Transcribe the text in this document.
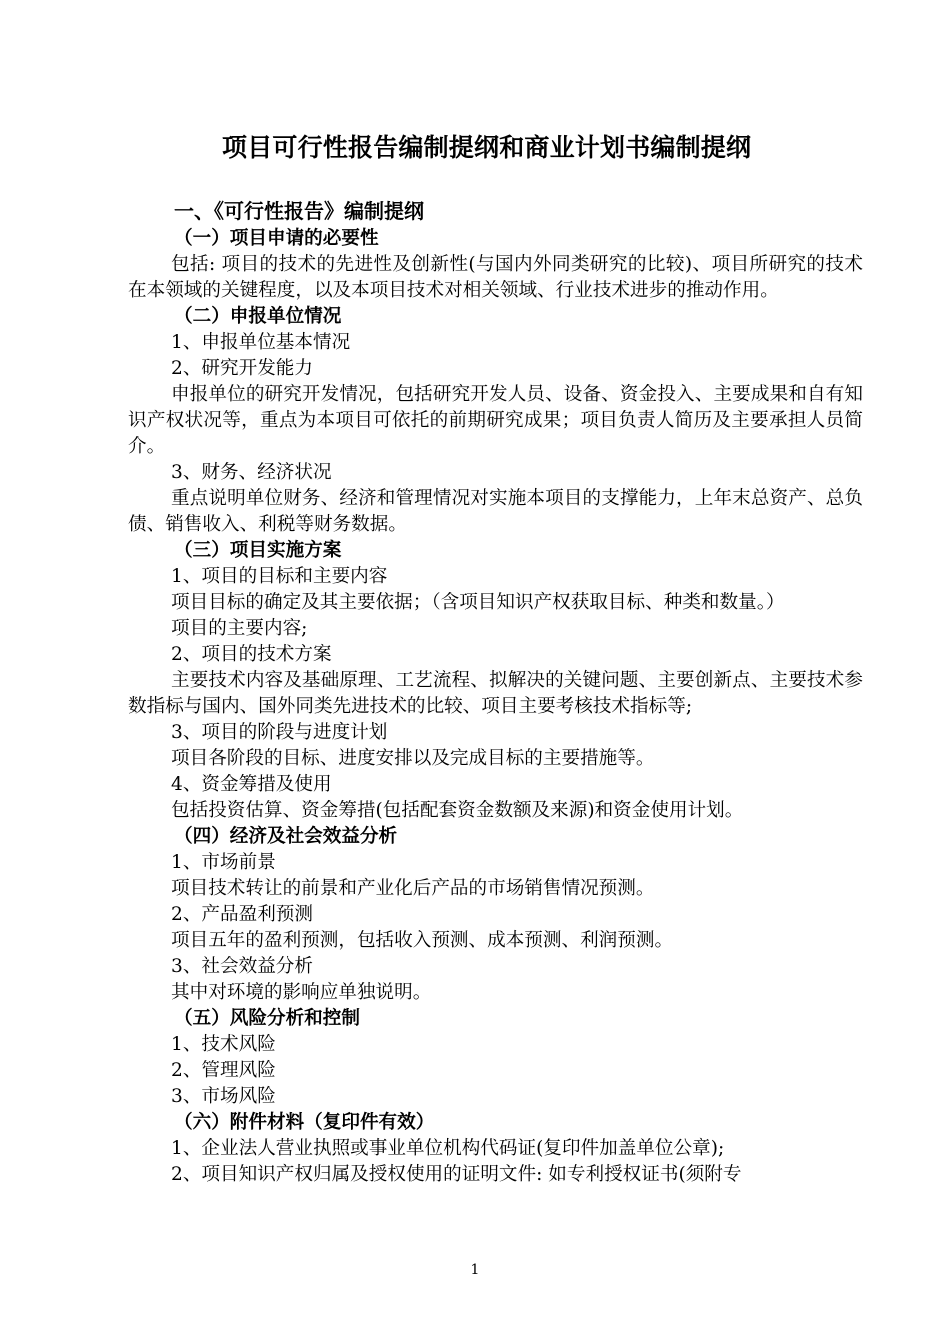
项目可行性报告编制提纲和商业计划书编制提纲
一、《可行性报告》编制提纲
（一）项目申请的必要性
包括: 项目的技术的先进性及创新性(与国内外同类研究的比较)、项目所研究的技术在本领域的关键程度，以及本项目技术对相关领域、行业技术进步的推动作用。
（二）申报单位情况
1、申报单位基本情况
2、研究开发能力
申报单位的研究开发情况，包括研究开发人员、设备、资金投入、主要成果和自有知识产权状况等，重点为本项目可依托的前期研究成果；项目负责人简历及主要承担人员简介。
3、财务、经济状况
重点说明单位财务、经济和管理情况对实施本项目的支撑能力，上年末总资产、总负债、销售收入、利税等财务数据。
（三）项目实施方案
1、项目的目标和主要内容
项目目标的确定及其主要依据；（含项目知识产权获取目标、种类和数量。）
项目的主要内容;
2、项目的技术方案
主要技术内容及基础原理、工艺流程、拟解决的关键问题、主要创新点、主要技术参数指标与国内、国外同类先进技术的比较、项目主要考核技术指标等;
3、项目的阶段与进度计划
项目各阶段的目标、进度安排以及完成目标的主要措施等。
4、资金筹措及使用
包括投资估算、资金筹措(包括配套资金数额及来源)和资金使用计划。
（四）经济及社会效益分析
1、市场前景
项目技术转让的前景和产业化后产品的市场销售情况预测。
2、产品盈利预测
项目五年的盈利预测，包括收入预测、成本预测、利润预测。
3、社会效益分析
其中对环境的影响应单独说明。
（五）风险分析和控制
1、技术风险
2、管理风险
3、市场风险
（六）附件材料（复印件有效）
1、企业法人营业执照或事业单位机构代码证(复印件加盖单位公章);
2、项目知识产权归属及授权使用的证明文件: 如专利授权证书(须附专
1
